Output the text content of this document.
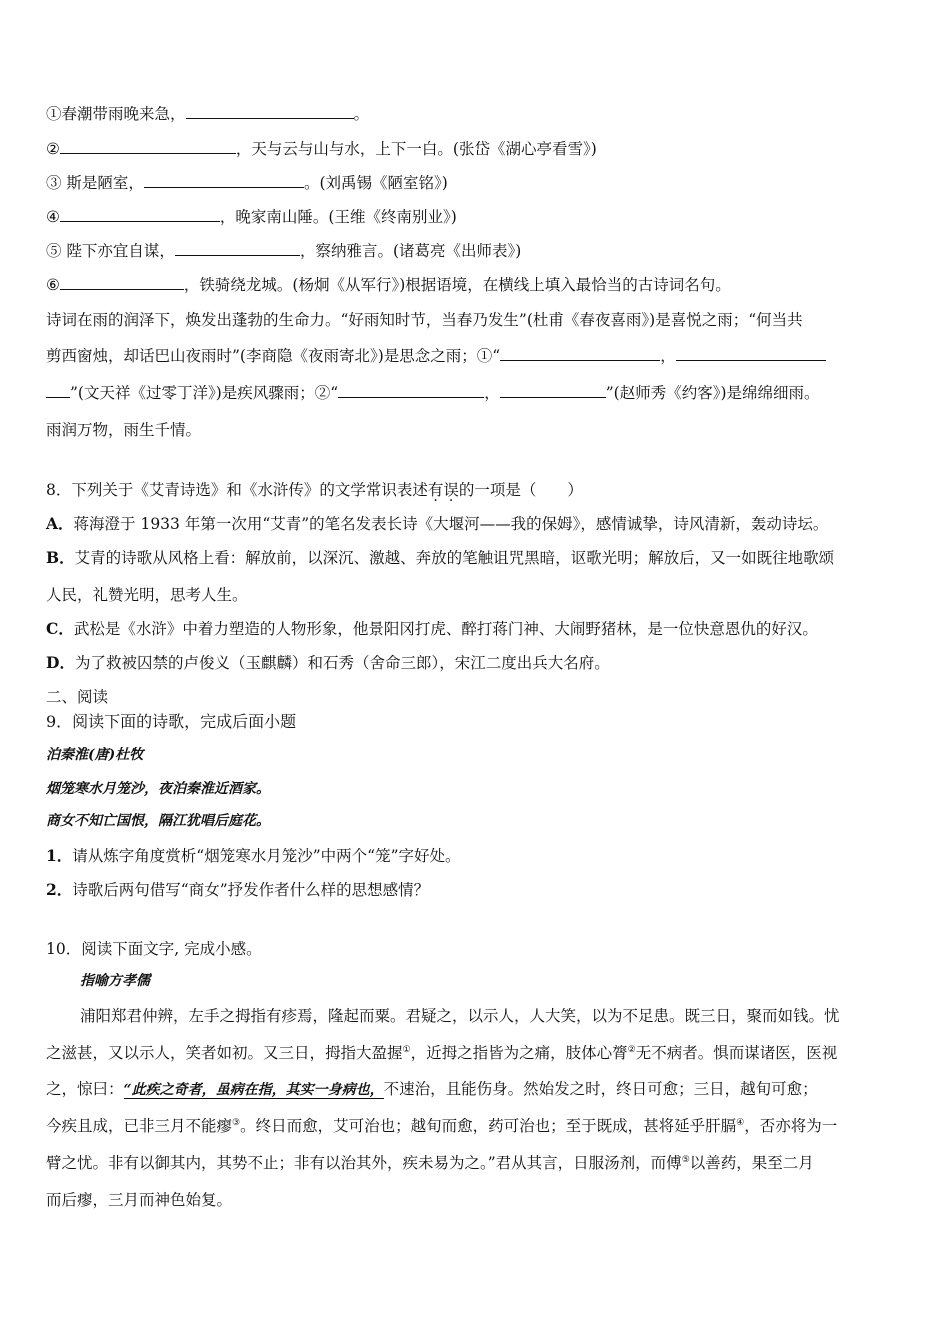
①春潮带雨晚来急，	。
②	，天与云与山与水，上下一白。(张岱《湖心亭看雪》)
③ 斯是陋室，	。(刘禹锡《陋室铭》)
④	，晚家南山陲。(王维《终南别业》)
⑤ 陛下亦宜自谋，	，察纳雅言。(诸葛亮《出师表》)
⑥	，铁骑绕龙城。(杨炯《从军行》)根据语境，在横线上填入最恰当的古诗词名句。
诗词在雨的润泽下，焕发出蓬勃的生命力。“好雨知时节，当春乃发生”(杜甫《春夜喜雨》)是喜悦之雨；“何当共
剪西窗烛，却话巴山夜雨时”(李商隐《夜雨寄北》)是思念之雨；①“	，
”(文天祥《过零丁洋》)是疾风骤雨；②“	，	”(赵师秀《约客》)是绵绵细雨。
雨润万物，雨生千情。
8．下列关于《艾青诗选》和《水浒传》的文学常识表述有误的一项是（　　）
A．蒋海澄于 1933 年第一次用“艾青”的笔名发表长诗《大堰河——我的保姆》，感情诚挚，诗风清新，轰动诗坛。
B．艾青的诗歌从风格上看：解放前，以深沉、激越、奔放的笔触诅咒黑暗，讴歌光明；解放后，又一如既往地歌颂
人民，礼赞光明，思考人生。
C．武松是《水浒》中着力塑造的人物形象，他景阳冈打虎、醉打蒋门神、大闹野猪林，是一位快意恩仇的好汉。
D．为了救被囚禁的卢俊义（玉麒麟）和石秀（舍命三郎），宋江二度出兵大名府。
二、阅读
9．阅读下面的诗歌，完成后面小题
泊秦淮(唐)杜牧
烟笼寒水月笼沙，夜泊秦淮近酒家。
商女不知亡国恨，隔江犹唱后庭花。
1．请从炼字角度赏析“烟笼寒水月笼沙”中两个“笼”字好处。
2．诗歌后两句借写“商女”抒发作者什么样的思想感情？
10．阅读下面文字, 完成小感。
指喻方孝儒
浦阳郑君仲辨，左手之拇指有疹焉，隆起而粟。君疑之，以示人，人大笑，以为不足患。既三日，聚而如钱。忧
之滋甚，又以示人，笑者如初。又三日，拇指大盈握①，近拇之指皆为之痛，肢体心膂②无不病者。惧而谋诸医，医视
之，惊曰：“此疾之奇者，虽病在指，其实一身病也，不速治，且能伤身。然始发之时，终日可愈；三日，越旬可愈；
今疾且成，已非三月不能瘳③。终日而愈，艾可治也；越旬而愈，药可治也；至于既成，甚将延乎肝膈④，否亦将为一
臂之忧。非有以御其内，其势不止；非有以治其外，疾未易为之。”君从其言，日服汤剂，而傅⑤以善药，果至二月
而后瘳，三月而神色始复。
